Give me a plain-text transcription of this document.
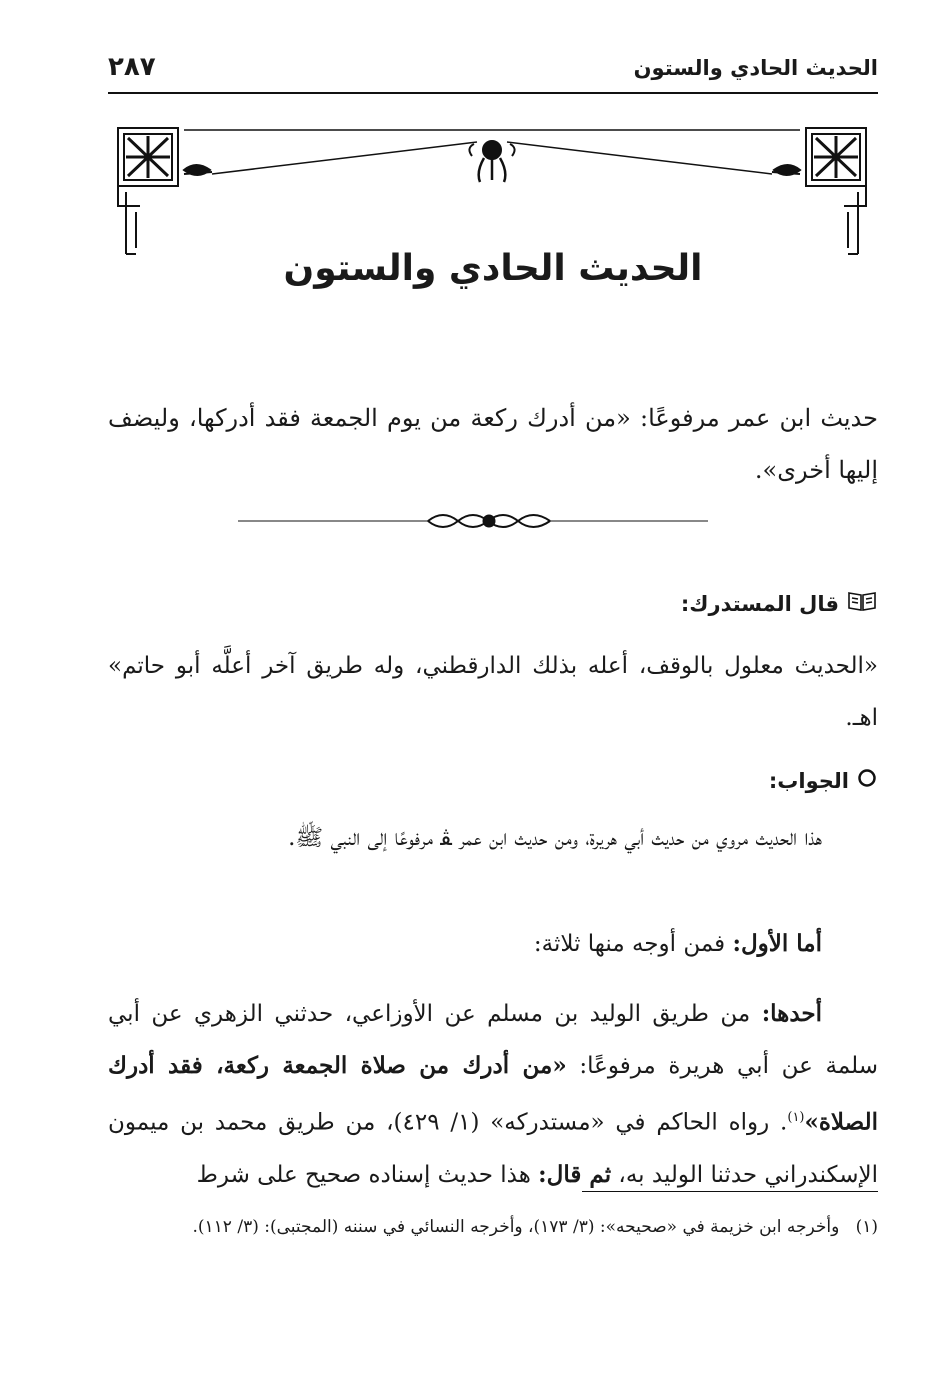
الحديث الحادي والستون
٢٨٧
الحديث الحادي والستون
حديث ابن عمر مرفوعًا: «من أدرك ركعة من يوم الجمعة فقد أدركها، وليضف إليها أخرى».
قال المستدرك:
«الحديث معلول بالوقف، أعله بذلك الدارقطني، وله طريق آخر أعلَّه أبو حاتم» اهـ.
الجواب:
هذا الحديث مروي من حديث أبي هريرة، ومن حديث ابن عمر ﭭ مرفوعًا إلى النبي ﷺ.
أما الأول: فمن أوجه منها ثلاثة:
أحدها: من طريق الوليد بن مسلم عن الأوزاعي، حدثني الزهري عن أبي سلمة عن أبي هريرة مرفوعًا: «من أدرك من صلاة الجمعة ركعة، فقد أدرك الصلاة»$^{(١)}$. رواه الحاكم في «مستدركه» (١/ ٤٢٩)، من طريق محمد بن ميمون الإسكندراني حدثنا الوليد به، ثم قال: هذا حديث إسناده صحيح على شرط
(١)   وأخرجه ابن خزيمة في «صحيحه»: (٣/ ١٧٣)، وأخرجه النسائي في سننه (المجتبى): (٣/ ١١٢).
